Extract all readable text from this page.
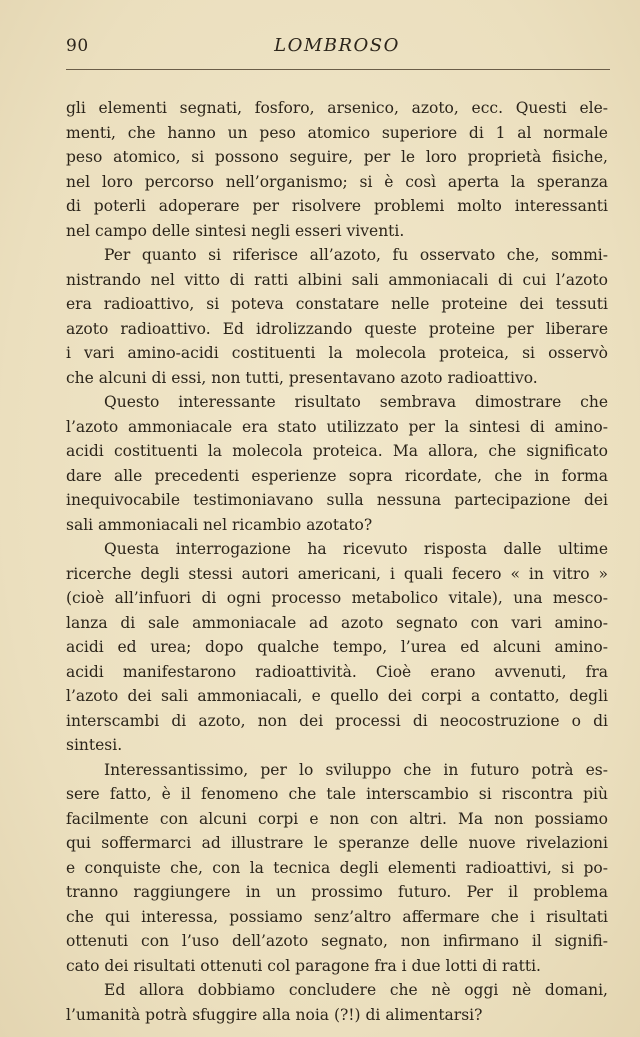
90	LOMBROSO
gli elementi segnati, fosforo, arsenico, azoto, ecc. Questi ele-
menti, che hanno un peso atomico superiore di 1 al normale
peso atomico, si possono seguire, per le loro proprietà fisiche,
nel loro percorso nell’organismo; si è così aperta la speranza
di poterli adoperare per risolvere problemi molto interessanti
nel campo delle sintesi negli esseri viventi.
Per quanto si riferisce all’azoto, fu osservato che, sommi-
nistrando nel vitto di ratti albini sali ammoniacali di cui l’azoto
era radioattivo, si poteva constatare nelle proteine dei tessuti
azoto radioattivo. Ed idrolizzando queste proteine per liberare
i vari amino-acidi costituenti la molecola proteica, si osservò
che alcuni di essi, non tutti, presentavano azoto radioattivo.
Questo interessante risultato sembrava dimostrare che
l’azoto ammoniacale era stato utilizzato per la sintesi di amino-
acidi costituenti la molecola proteica. Ma allora, che significato
dare alle precedenti esperienze sopra ricordate, che in forma
inequivocabile testimoniavano sulla nessuna partecipazione dei
sali ammoniacali nel ricambio azotato?
Questa interrogazione ha ricevuto risposta dalle ultime
ricerche degli stessi autori americani, i quali fecero « in vitro »
(cioè all’infuori di ogni processo metabolico vitale), una mesco-
lanza di sale ammoniacale ad azoto segnato con vari amino-
acidi ed urea; dopo qualche tempo, l’urea ed alcuni amino-
acidi manifestarono radioattività. Cioè erano avvenuti, fra
l’azoto dei sali ammoniacali, e quello dei corpi a contatto, degli
interscambi di azoto, non dei processi di neocostruzione o di
sintesi.
Interessantissimo, per lo sviluppo che in futuro potrà es-
sere fatto, è il fenomeno che tale interscambio si riscontra più
facilmente con alcuni corpi e non con altri. Ma non possiamo
qui soffermarci ad illustrare le speranze delle nuove rivelazioni
e conquiste che, con la tecnica degli elementi radioattivi, si po-
tranno raggiungere in un prossimo futuro. Per il problema
che qui interessa, possiamo senz’altro affermare che i risultati
ottenuti con l’uso dell’azoto segnato, non infirmano il signifi-
cato dei risultati ottenuti col paragone fra i due lotti di ratti.
Ed allora dobbiamo concludere che nè oggi nè domani,
l’umanità potrà sfuggire alla noia (?!) di alimentarsi?
